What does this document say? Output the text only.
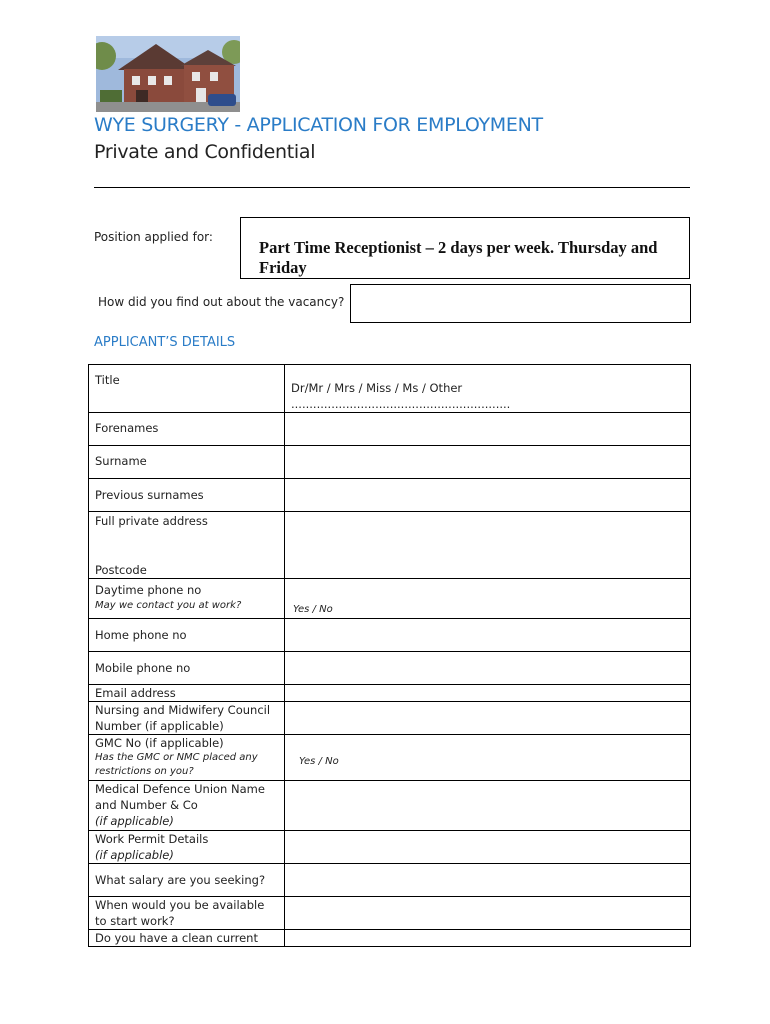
WYE SURGERY - APPLICATION FOR EMPLOYMENT
Private and Confidential
Position applied for:
Part Time Receptionist – 2 days per week. Thursday and Friday
How did you find out about the vacancy?
APPLICANT’S DETAILS
Title	Dr/Mr / Mrs / Miss / Ms / Other ............................................................

Forenames	

Surname	

Previous surnames	

Full private address
Postcode	

Daytime phone no
May we contact you at work?	Yes / No

Home phone no	

Mobile phone no	

Email address	

Nursing and Midwifery Council Number (if applicable)	

GMC No (if applicable)
Has the GMC or NMC placed any restrictions on you?	Yes / No

Medical Defence Union Name and Number & Co
(if applicable)	

Work Permit Details
(if applicable)	

What salary are you seeking?	

When would you be available to start work?	

Do you have a clean current	
